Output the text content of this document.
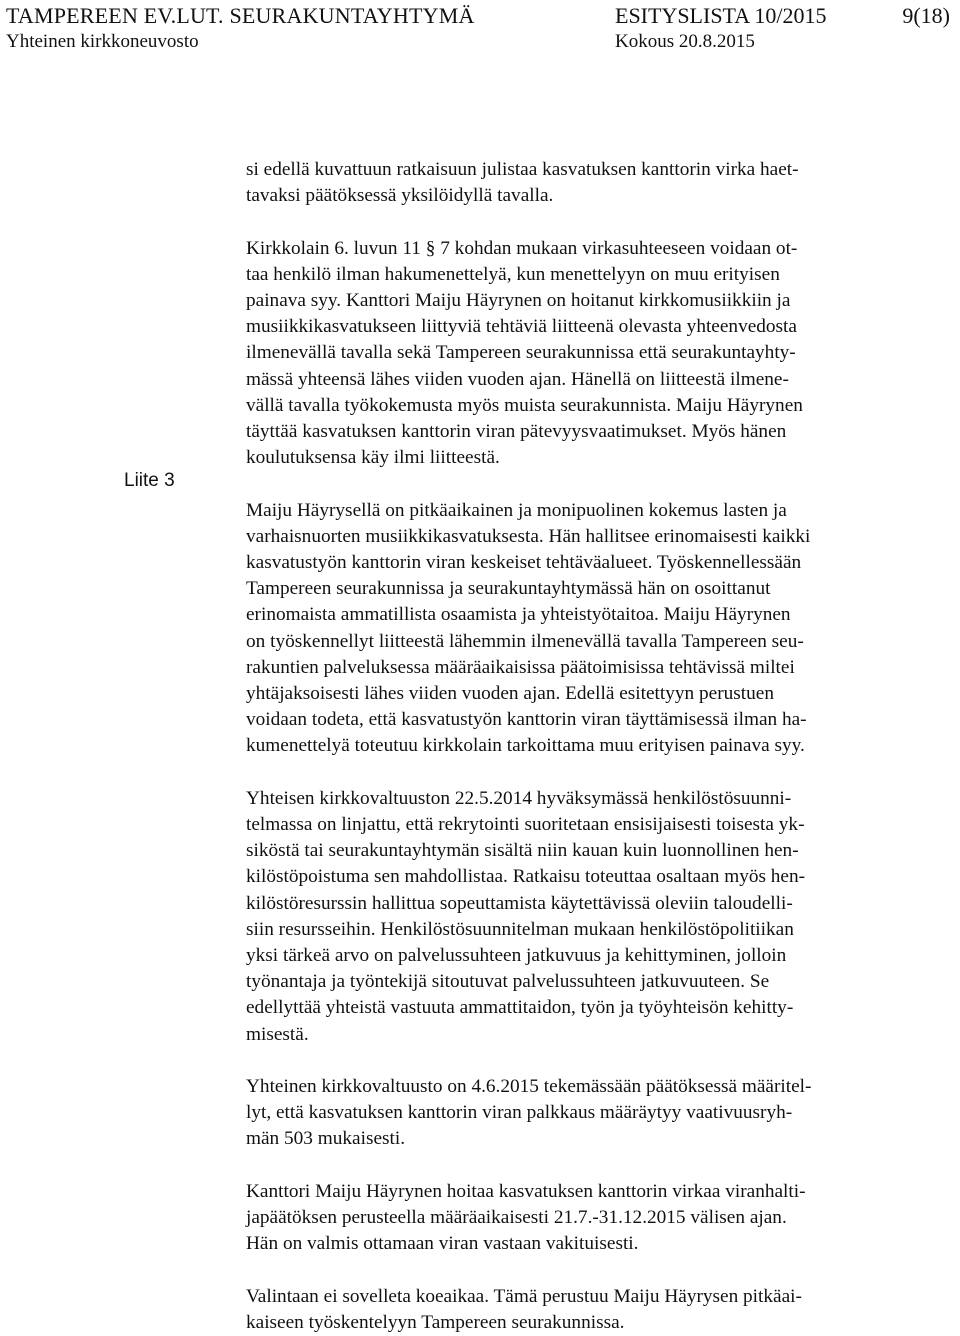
TAMPEREEN EV.LUT. SEURAKUNTAYHTYMÄ	ESITYSLISTA 10/2015	9(18)
Yhteinen kirkkoneuvosto	Kokous 20.8.2015
Liite 3

si edellä kuvattuun ratkaisuun julistaa kasvatuksen kanttorin virka haet-
tavaksi päätöksessä yksilöidyllä tavalla.

Kirkkolain 6. luvun 11 § 7 kohdan mukaan virkasuhteeseen voidaan ot-
taa henkilö ilman hakumenettelyä, kun menettelyyn on muu erityisen
painava syy. Kanttori Maiju Häyrynen on hoitanut kirkkomusiikkiin ja
musiikkikasvatukseen liittyviä tehtäviä liitteenä olevasta yhteenvedosta
ilmenevällä tavalla sekä Tampereen seurakunnissa että seurakuntayhty-
mässä yhteensä lähes viiden vuoden ajan. Hänellä on liitteestä ilmene-
vällä tavalla työkokemusta myös muista seurakunnista. Maiju Häyrynen
täyttää kasvatuksen kanttorin viran pätevyysvaatimukset. Myös hänen
koulutuksensa käy ilmi liitteestä.

Maiju Häyrysellä on pitkäaikainen ja monipuolinen kokemus lasten ja
varhaisnuorten musiikkikasvatuksesta. Hän hallitsee erinomaisesti kaikki
kasvatustyön kanttorin viran keskeiset tehtäväalueet. Työskennellessään
Tampereen seurakunnissa ja seurakuntayhtymässä hän on osoittanut
erinomaista ammatillista osaamista ja yhteistyötaitoa. Maiju Häyrynen
on työskennellyt liitteestä lähemmin ilmenevällä tavalla Tampereen seu-
rakuntien palveluksessa määräaikaisissa päätoimisissa tehtävissä miltei
yhtäjaksoisesti lähes viiden vuoden ajan. Edellä esitettyyn perustuen
voidaan todeta, että kasvatustyön kanttorin viran täyttämisessä ilman ha-
kumenettelyä toteutuu kirkkolain tarkoittama muu erityisen painava syy.

Yhteisen kirkkovaltuuston 22.5.2014 hyväksymässä henkilöstösuunni-
telmassa on linjattu, että rekrytointi suoritetaan ensisijaisesti toisesta yk-
siköstä tai seurakuntayhtymän sisältä niin kauan kuin luonnollinen hen-
kilöstöpoistuma sen mahdollistaa. Ratkaisu toteuttaa osaltaan myös hen-
kilöstöresurssin hallittua sopeuttamista käytettävissä oleviin taloudelli-
siin resursseihin. Henkilöstösuunnitelman mukaan henkilöstöpolitiikan
yksi tärkeä arvo on palvelussuhteen jatkuvuus ja kehittyminen, jolloin
työnantaja ja työntekijä sitoutuvat palvelussuhteen jatkuvuuteen. Se
edellyttää yhteistä vastuuta ammattitaidon, työn ja työyhteisön kehitty-
misestä.

Yhteinen kirkkovaltuusto on 4.6.2015 tekemässään päätöksessä määritel-
lyt, että kasvatuksen kanttorin viran palkkaus määräytyy vaativuusryh-
män 503 mukaisesti.

Kanttori Maiju Häyrynen hoitaa kasvatuksen kanttorin virkaa viranhalti-
japäätöksen perusteella määräaikaisesti 21.7.-31.12.2015 välisen ajan.
Hän on valmis ottamaan viran vastaan vakituisesti.

Valintaan ei sovelleta koeaikaa. Tämä perustuu Maiju Häyrysen pitkäai-
kaiseen työskentelyyn Tampereen seurakunnissa.
